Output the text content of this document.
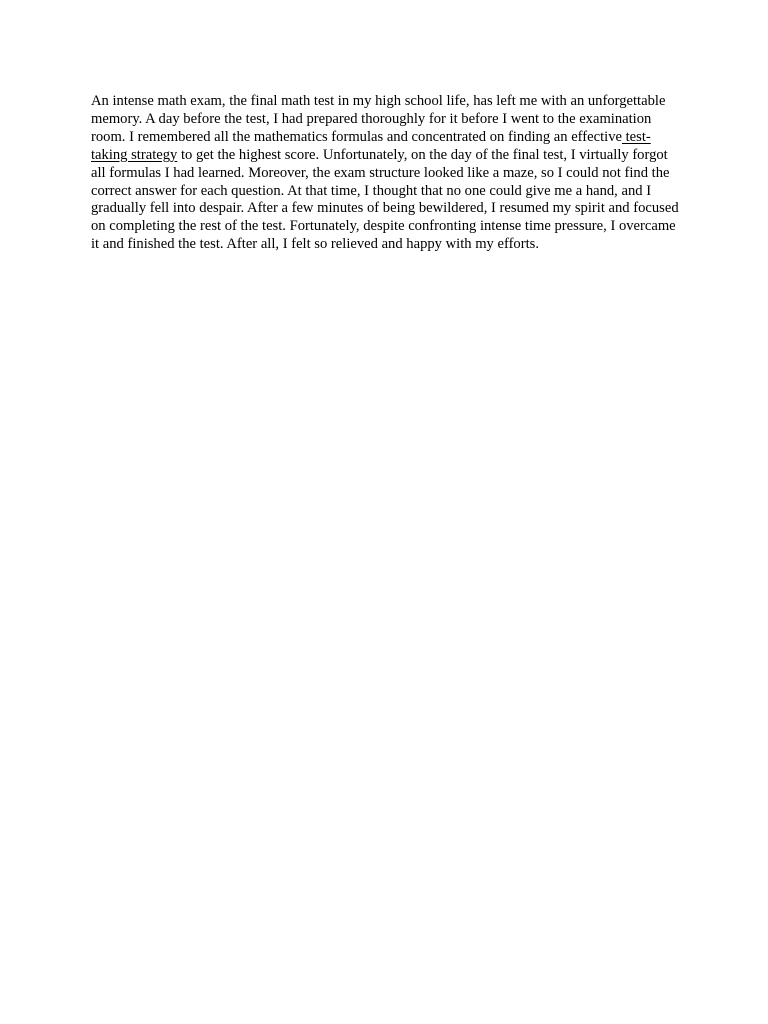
An intense math exam, the final math test in my high school life, has left me with an unforgettable memory. A day before the test, I had prepared thoroughly for it before I went to the examination room. I remembered all the mathematics formulas and concentrated on finding an effective test-taking strategy to get the highest score. Unfortunately, on the day of the final test, I virtually forgot all formulas I had learned. Moreover, the exam structure looked like a maze, so I could not find the correct answer for each question. At that time, I thought that no one could give me a hand, and I gradually fell into despair. After a few minutes of being bewildered, I resumed my spirit and focused on completing the rest of the test. Fortunately, despite confronting intense time pressure, I overcame it and finished the test. After all, I felt so relieved and happy with my efforts.
